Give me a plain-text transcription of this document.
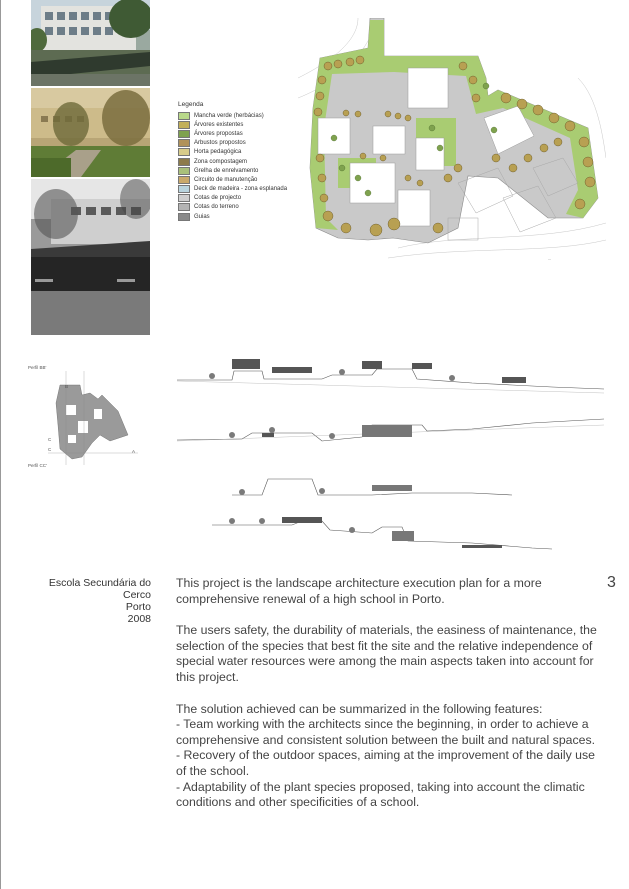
Legenda
Mancha verde (herbácias)
Árvores existentes
Árvores propostas
Arbustos propostos
Horta pedagógica
Zona compostagem
Grelha de enrelvamento
Circuito de manutenção
Deck de madeira - zona esplanada
Cotas de projecto
Cotas do terreno
Guias
—
Perfil BB'
Perfil CC'
B
C
C	A
Escola Secundária do Cerco
Porto
2008
3

This project is the landscape architecture execution plan for a more
comprehensive renewal of a high school in Porto.

The users safety, the durability of materials, the easiness of maintenance, the
selection of the species that best fit the site and the relative independence of
special water resources were among the main aspects taken into account for
this project.

The solution achieved can be summarized in the following features:
- Team working with the architects since the beginning, in order to achieve a
comprehensive and consistent solution between the built and natural spaces.
- Recovery of the outdoor spaces, aiming at the improvement of the daily use
of the school.
- Adaptability of the plant species proposed, taking into account the climatic
conditions and other specificities of a school.
